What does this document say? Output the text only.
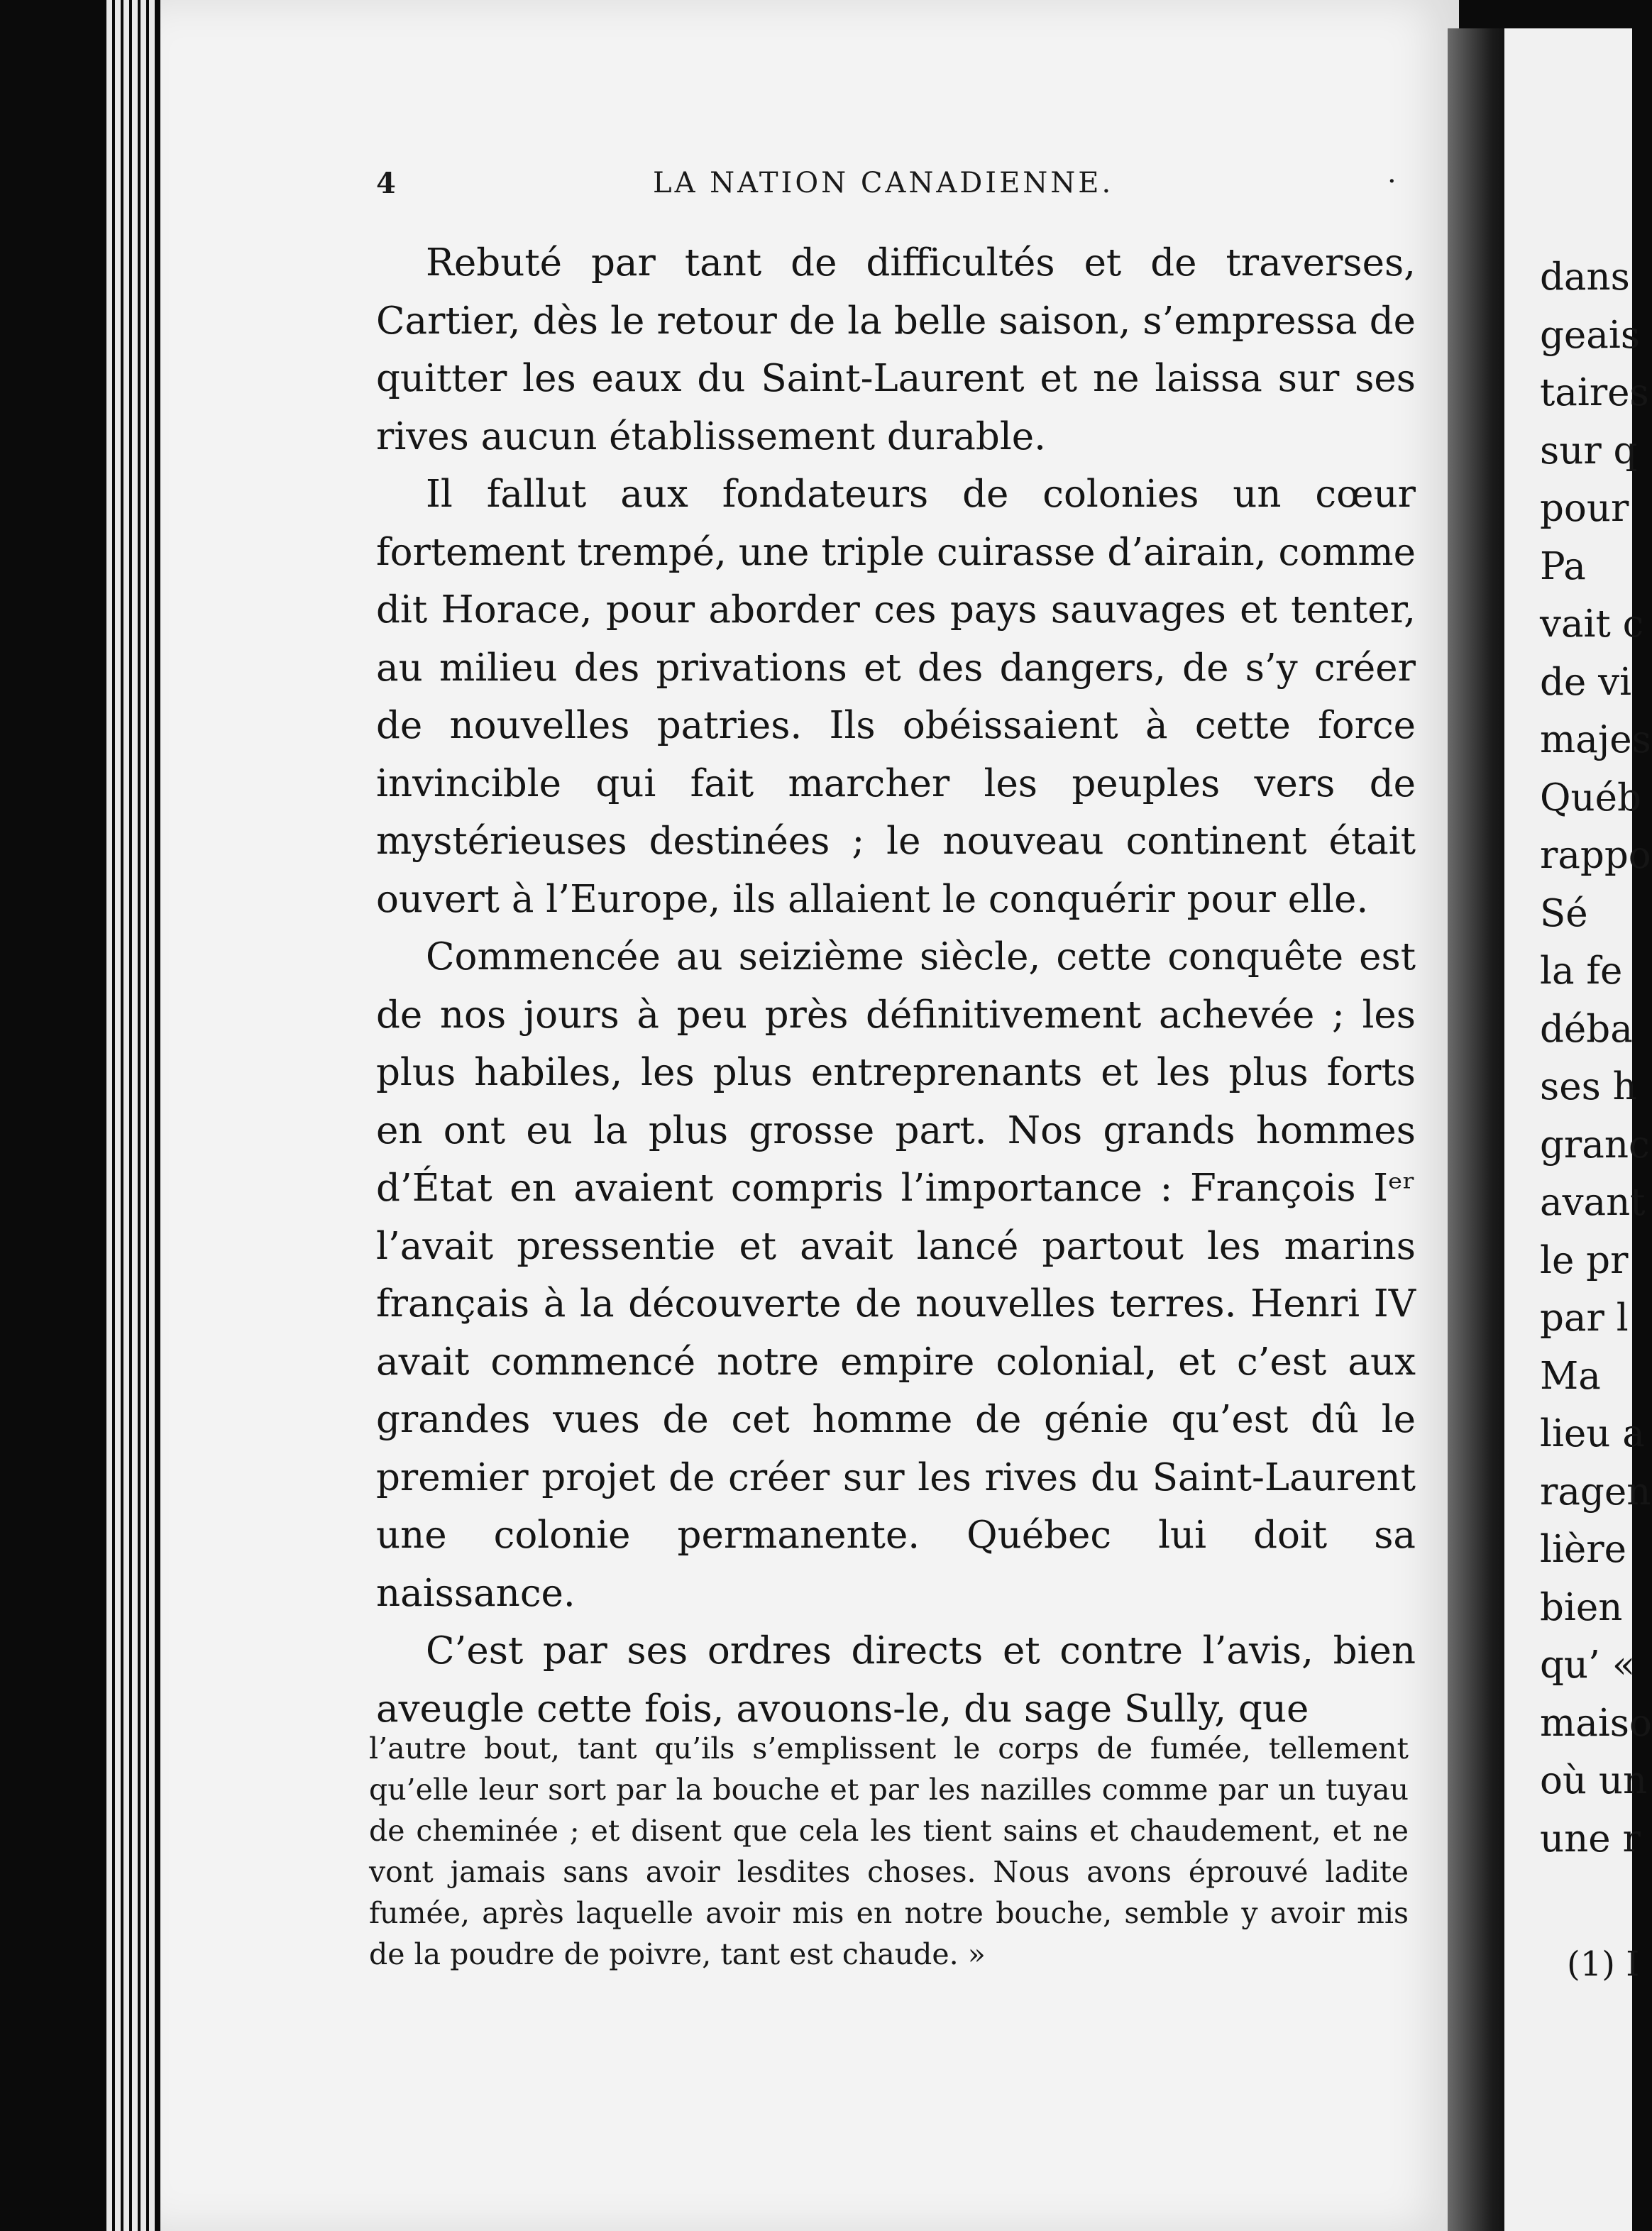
4	LA NATION CANADIENNE.	·

Rebuté par tant de difficultés et de traverses, Cartier, dès le retour de la belle saison, s’empressa de quitter les eaux du Saint-Laurent et ne laissa sur ses rives aucun établissement durable.

Il fallut aux fondateurs de colonies un cœur fortement trempé, une triple cuirasse d’airain, comme dit Horace, pour aborder ces pays sauvages et tenter, au milieu des privations et des dangers, de s’y créer de nouvelles patries. Ils obéissaient à cette force invincible qui fait marcher les peuples vers de mystérieuses destinées ; le nouveau continent était ouvert à l’Europe, ils allaient le conquérir pour elle.

Commencée au seizième siècle, cette conquête est de nos jours à peu près définitivement achevée ; les plus habiles, les plus entreprenants et les plus forts en ont eu la plus grosse part. Nos grands hommes d’État en avaient compris l’importance : François Iᵉʳ l’avait pressentie et avait lancé partout les marins français à la découverte de nouvelles terres. Henri IV avait commencé notre empire colonial, et c’est aux grandes vues de cet homme de génie qu’est dû le premier projet de créer sur les rives du Saint-Laurent une colonie permanente. Québec lui doit sa naissance.

C’est par ses ordres directs et contre l’avis, bien aveugle cette fois, avouons-le, du sage Sully, que

l’autre bout, tant qu’ils s’emplissent le corps de fumée, tellement qu’elle leur sort par la bouche et par les nazilles comme par un tuyau de cheminée ; et disent que cela les tient sains et chaudement, et ne vont jamais sans avoir lesdites choses. Nous avons éprouvé ladite fumée, après laquelle avoir mis en notre bouche, semble y avoir mis de la poudre de poivre, tant est chaude. »

dans
geais
taires
sur q
pour
Pa
vait c
de vi
majes
Québ
rappo
Sé
la fe
déba
ses h
granc
avant
le pr
par l
Ma
lieu a
ragen
lière
bien
qu’ «
maiso
où un
une r
(1) I
